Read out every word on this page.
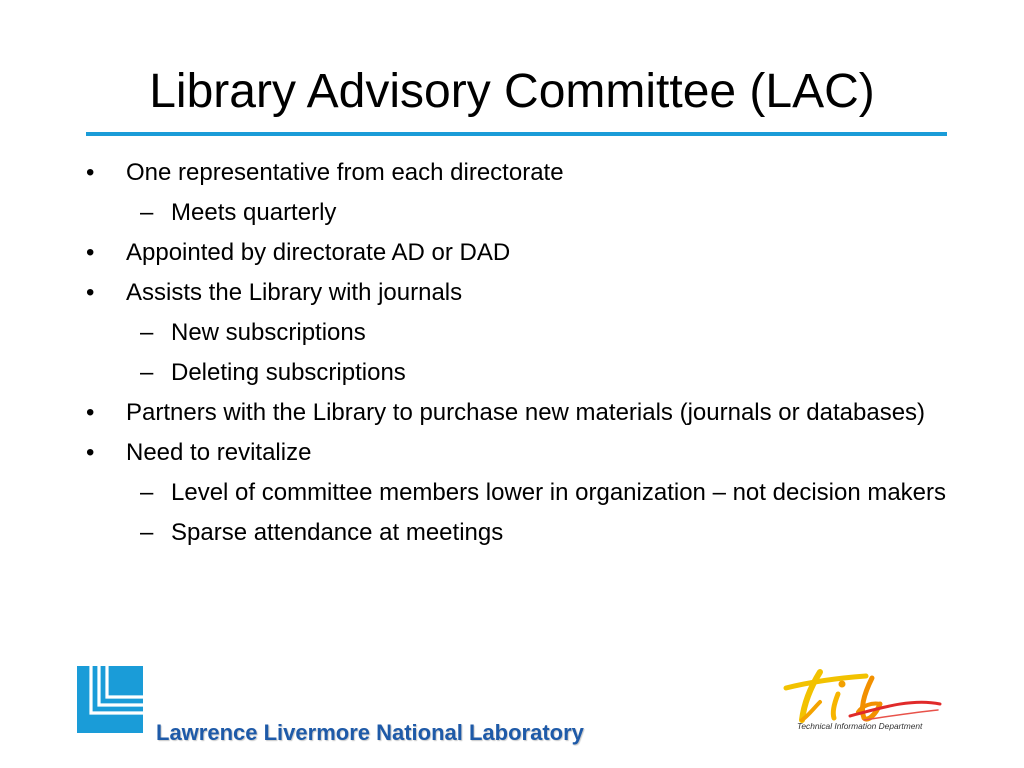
Library Advisory Committee (LAC)
• One representative from each directorate
– Meets quarterly
• Appointed by directorate AD or DAD
• Assists the Library with journals
– New subscriptions
– Deleting subscriptions
• Partners with the Library to purchase new materials (journals or databases)
• Need to revitalize
– Level of committee members lower in organization – not decision makers
– Sparse attendance at meetings
Lawrence Livermore National Laboratory	Technical Information Department
